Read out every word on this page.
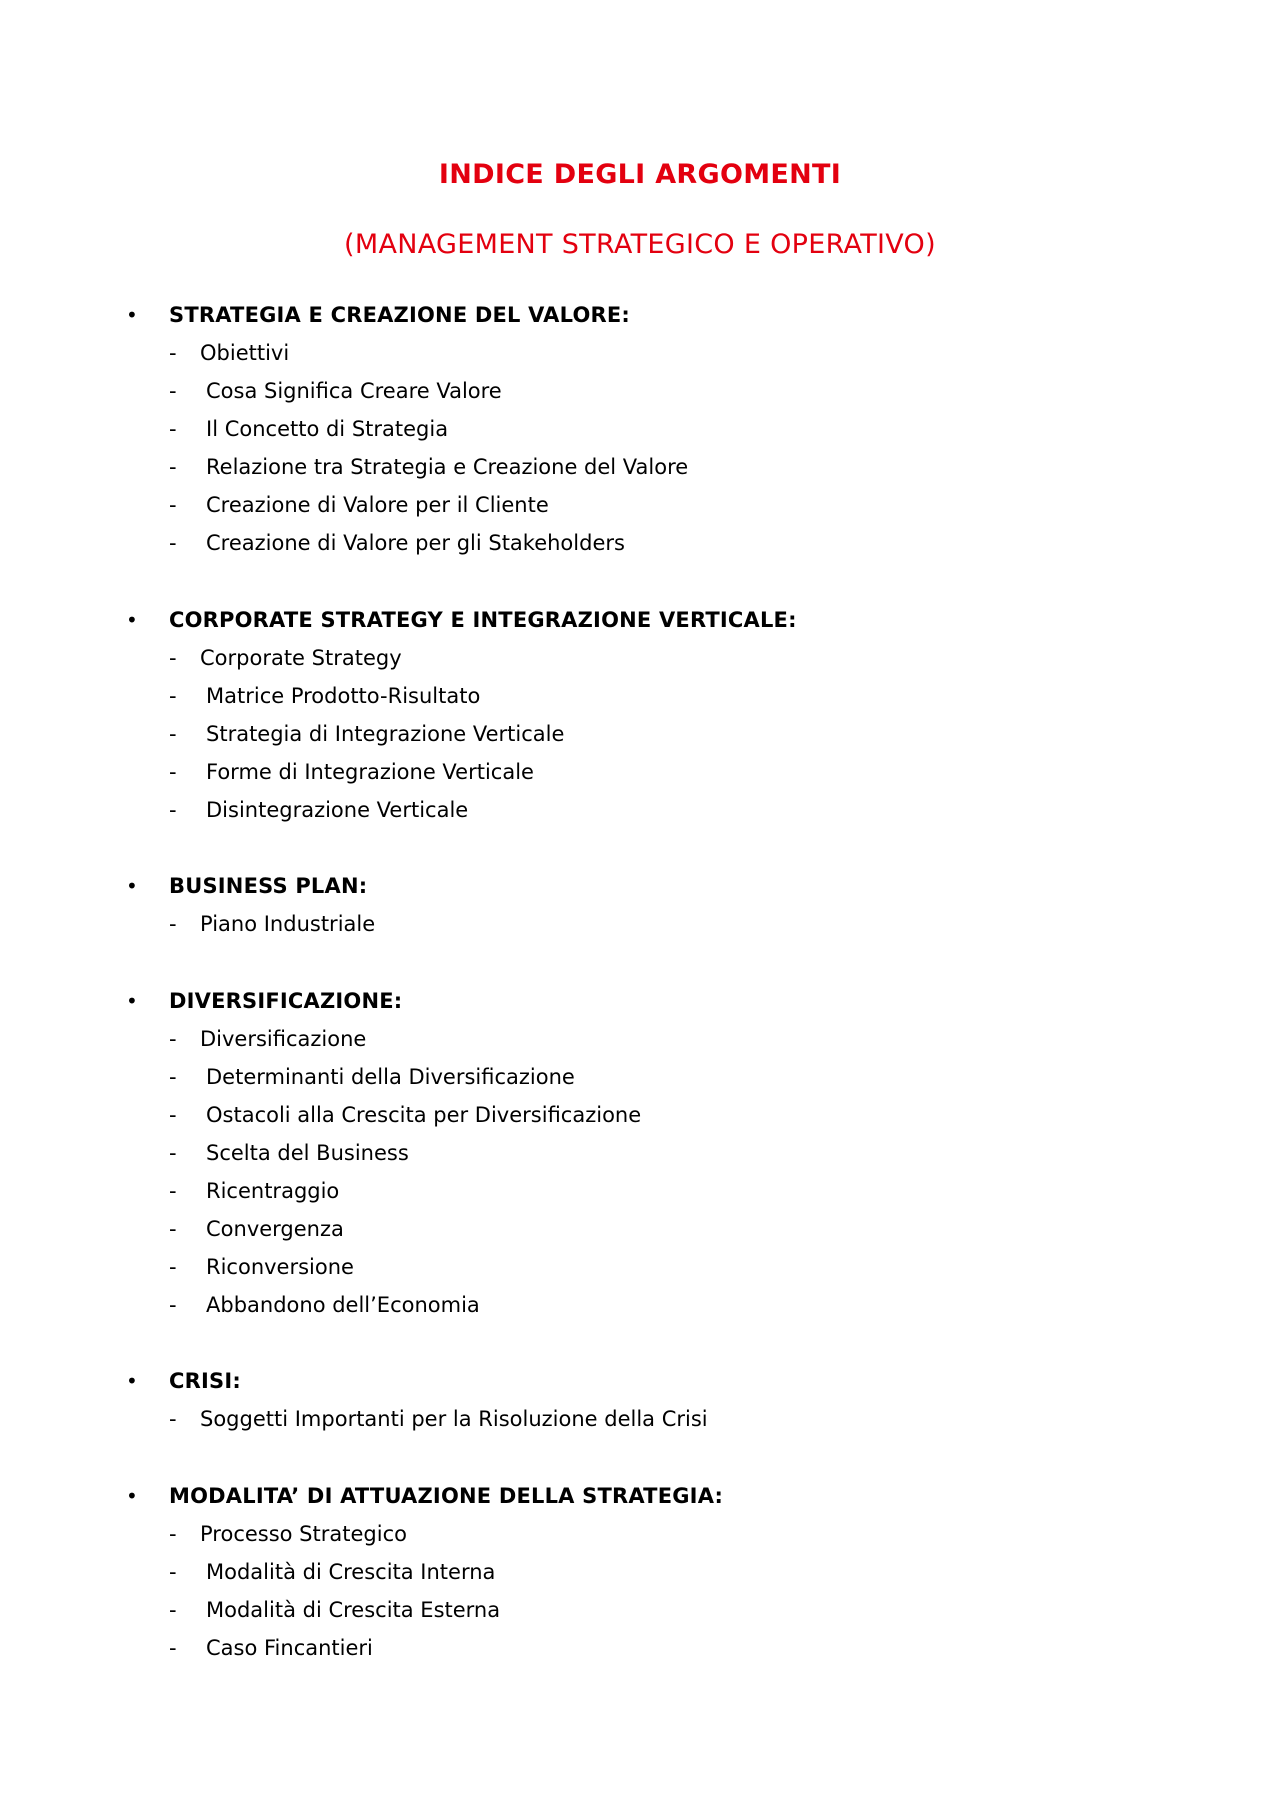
INDICE DEGLI ARGOMENTI
(MANAGEMENT STRATEGICO E OPERATIVO)
•	STRATEGIA E CREAZIONE DEL VALORE:
- Obiettivi
- Cosa Significa Creare Valore
- Il Concetto di Strategia
- Relazione tra Strategia e Creazione del Valore
- Creazione di Valore per il Cliente
- Creazione di Valore per gli Stakeholders
•	CORPORATE STRATEGY E INTEGRAZIONE VERTICALE:
- Corporate Strategy
- Matrice Prodotto-Risultato
- Strategia di Integrazione Verticale
- Forme di Integrazione Verticale
- Disintegrazione Verticale
•	BUSINESS PLAN:
- Piano Industriale
•	DIVERSIFICAZIONE:
- Diversificazione
- Determinanti della Diversificazione
- Ostacoli alla Crescita per Diversificazione
- Scelta del Business
- Ricentraggio
- Convergenza
- Riconversione
- Abbandono dell’Economia
•	CRISI:
- Soggetti Importanti per la Risoluzione della Crisi
•	MODALITA’ DI ATTUAZIONE DELLA STRATEGIA:
- Processo Strategico
- Modalità di Crescita Interna
- Modalità di Crescita Esterna
- Caso Fincantieri
